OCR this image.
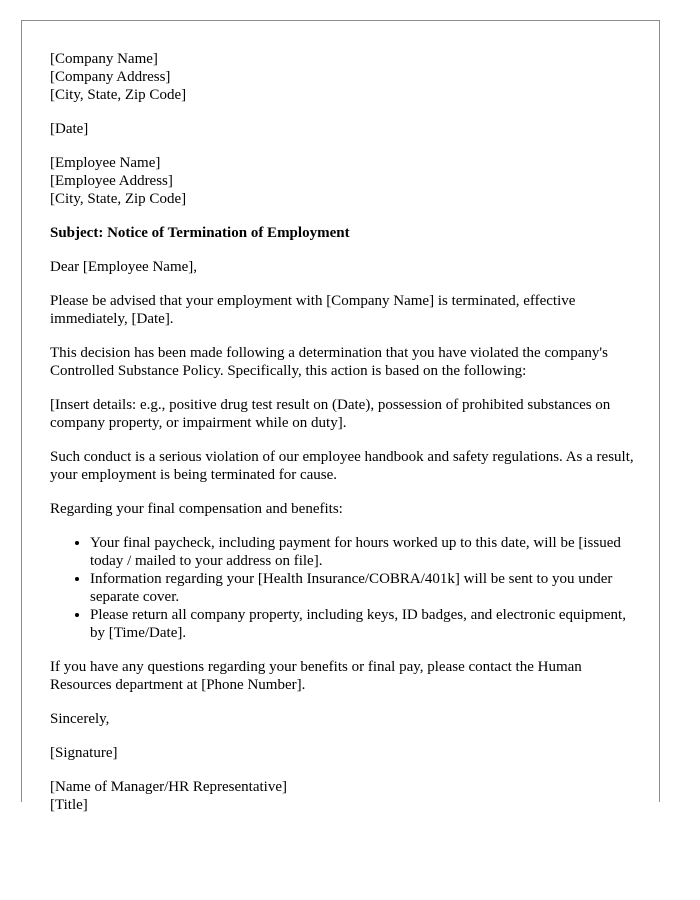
[Company Name]
[Company Address]
[City, State, Zip Code]

[Date]

[Employee Name]
[Employee Address]
[City, State, Zip Code]

Subject: Notice of Termination of Employment

Dear [Employee Name],

Please be advised that your employment with [Company Name] is terminated, effective immediately, [Date].

This decision has been made following a determination that you have violated the company's Controlled Substance Policy. Specifically, this action is based on the following:

[Insert details: e.g., positive drug test result on (Date), possession of prohibited substances on company property, or impairment while on duty].

Such conduct is a serious violation of our employee handbook and safety regulations. As a result, your employment is being terminated for cause.

Regarding your final compensation and benefits:

• Your final paycheck, including payment for hours worked up to this date, will be [issued today / mailed to your address on file].
• Information regarding your [Health Insurance/COBRA/401k] will be sent to you under separate cover.
• Please return all company property, including keys, ID badges, and electronic equipment, by [Time/Date].

If you have any questions regarding your benefits or final pay, please contact the Human Resources department at [Phone Number].

Sincerely,

[Signature]

[Name of Manager/HR Representative]
[Title]
